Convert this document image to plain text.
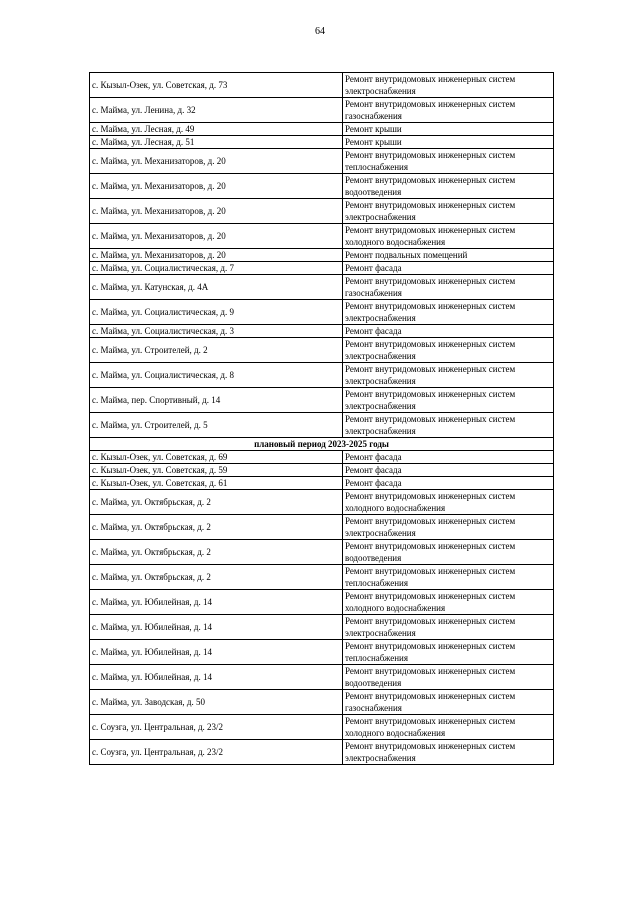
64
с. Кызыл-Озек, ул. Советская, д. 73	Ремонт внутридомовых инженерных систем электроснабжения
с. Майма, ул. Ленина, д. 32	Ремонт внутридомовых инженерных систем газоснабжения
с. Майма, ул. Лесная, д. 49	Ремонт крыши
с. Майма, ул. Лесная, д. 51	Ремонт крыши
с. Майма, ул. Механизаторов, д. 20	Ремонт внутридомовых инженерных систем теплоснабжения
с. Майма, ул. Механизаторов, д. 20	Ремонт внутридомовых инженерных систем водоотведения
с. Майма, ул. Механизаторов, д. 20	Ремонт внутридомовых инженерных систем электроснабжения
с. Майма, ул. Механизаторов, д. 20	Ремонт внутридомовых инженерных систем холодного водоснабжения
с. Майма, ул. Механизаторов, д. 20	Ремонт подвальных помещений
с. Майма, ул. Социалистическая, д. 7	Ремонт фасада
с. Майма, ул. Катунская, д. 4А	Ремонт внутридомовых инженерных систем газоснабжения
с. Майма, ул. Социалистическая, д. 9	Ремонт внутридомовых инженерных систем электроснабжения
с. Майма, ул. Социалистическая, д. 3	Ремонт фасада
с. Майма, ул. Строителей, д. 2	Ремонт внутридомовых инженерных систем электроснабжения
с. Майма, ул. Социалистическая, д. 8	Ремонт внутридомовых инженерных систем электроснабжения
с. Майма, пер. Спортивный, д. 14	Ремонт внутридомовых инженерных систем электроснабжения
с. Майма, ул. Строителей, д. 5	Ремонт внутридомовых инженерных систем электроснабжения
плановый период 2023-2025 годы	
с. Кызыл-Озек, ул. Советская, д. 69	Ремонт фасада
с. Кызыл-Озек, ул. Советская, д. 59	Ремонт фасада
с. Кызыл-Озек, ул. Советская, д. 61	Ремонт фасада
с. Майма, ул. Октябрьская, д. 2	Ремонт внутридомовых инженерных систем холодного водоснабжения
с. Майма, ул. Октябрьская, д. 2	Ремонт внутридомовых инженерных систем электроснабжения
с. Майма, ул. Октябрьская, д. 2	Ремонт внутридомовых инженерных систем водоотведения
с. Майма, ул. Октябрьская, д. 2	Ремонт внутридомовых инженерных систем теплоснабжения
с. Майма, ул. Юбилейная, д. 14	Ремонт внутридомовых инженерных систем холодного водоснабжения
с. Майма, ул. Юбилейная, д. 14	Ремонт внутридомовых инженерных систем электроснабжения
с. Майма, ул. Юбилейная, д. 14	Ремонт внутридомовых инженерных систем теплоснабжения
с. Майма, ул. Юбилейная, д. 14	Ремонт внутридомовых инженерных систем водоотведения
с. Майма, ул. Заводская, д. 50	Ремонт внутридомовых инженерных систем газоснабжения
с. Соузга, ул. Центральная, д. 23/2	Ремонт внутридомовых инженерных систем холодного водоснабжения
с. Соузга, ул. Центральная, д. 23/2	Ремонт внутридомовых инженерных систем электроснабжения
